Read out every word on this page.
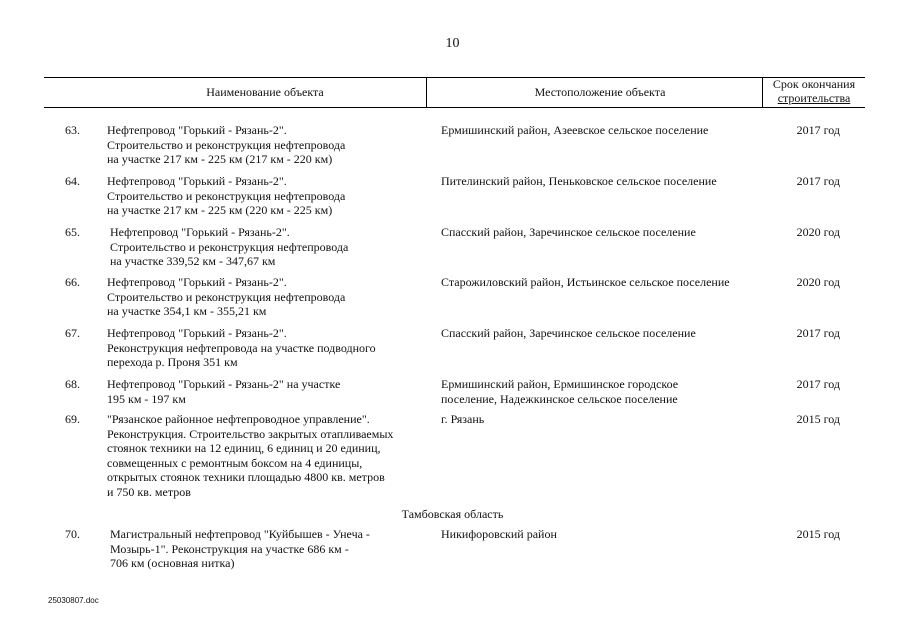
10
Наименование объекта	Местоположение объекта
Срок окончания
строительства
63. Нефтепровод "Горький - Рязань-2".
Строительство и реконструкция нефтепровода
на участке 217 км - 225 км (217 км - 220 км)
Ермишинский район, Азеевское сельское поселение	2017 год
64. Нефтепровод "Горький - Рязань-2".
Строительство и реконструкция нефтепровода
на участке 217 км - 225 км (220 км - 225 км)
Пителинский район, Пеньковское сельское поселение	2017 год
65.	Нефтепровод "Горький - Рязань-2".
Строительство и реконструкция нефтепровода
на участке 339,52 км - 347,67 км
Спасский район, Заречинское сельское поселение	2020 год
66. Нефтепровод "Горький - Рязань-2".
Строительство и реконструкция нефтепровода
на участке 354,1 км - 355,21 км
Старожиловский район, Истьинское сельское поселение	2020 год
67. Нефтепровод "Горький - Рязань-2".
Реконструкция нефтепровода на участке подводного
перехода р. Проня 351 км
Спасский район, Заречинское сельское поселение	2017 год
68. Нефтепровод "Горький - Рязань-2" на участке
195 км - 197 км
Ермишинский район, Ермишинское городское
поселение, Надежкинское сельское поселение
2017 год
69. "Рязанское районное нефтепроводное управление".
Реконструкция. Строительство закрытых отапливаемых
стоянок техники на 12 единиц, 6 единиц и 20 единиц,
совмещенных с ремонтным боксом на 4 единицы,
открытых стоянок техники площадью 4800 кв. метров
и 750 кв. метров
г. Рязань	2015 год
Тамбовская область
70.	Магистральный нефтепровод "Куйбышев - Унеча -
Мозырь-1". Реконструкция на участке 686 км -
706 км (основная нитка)
Никифоровский район	2015 год
25030807.doc
